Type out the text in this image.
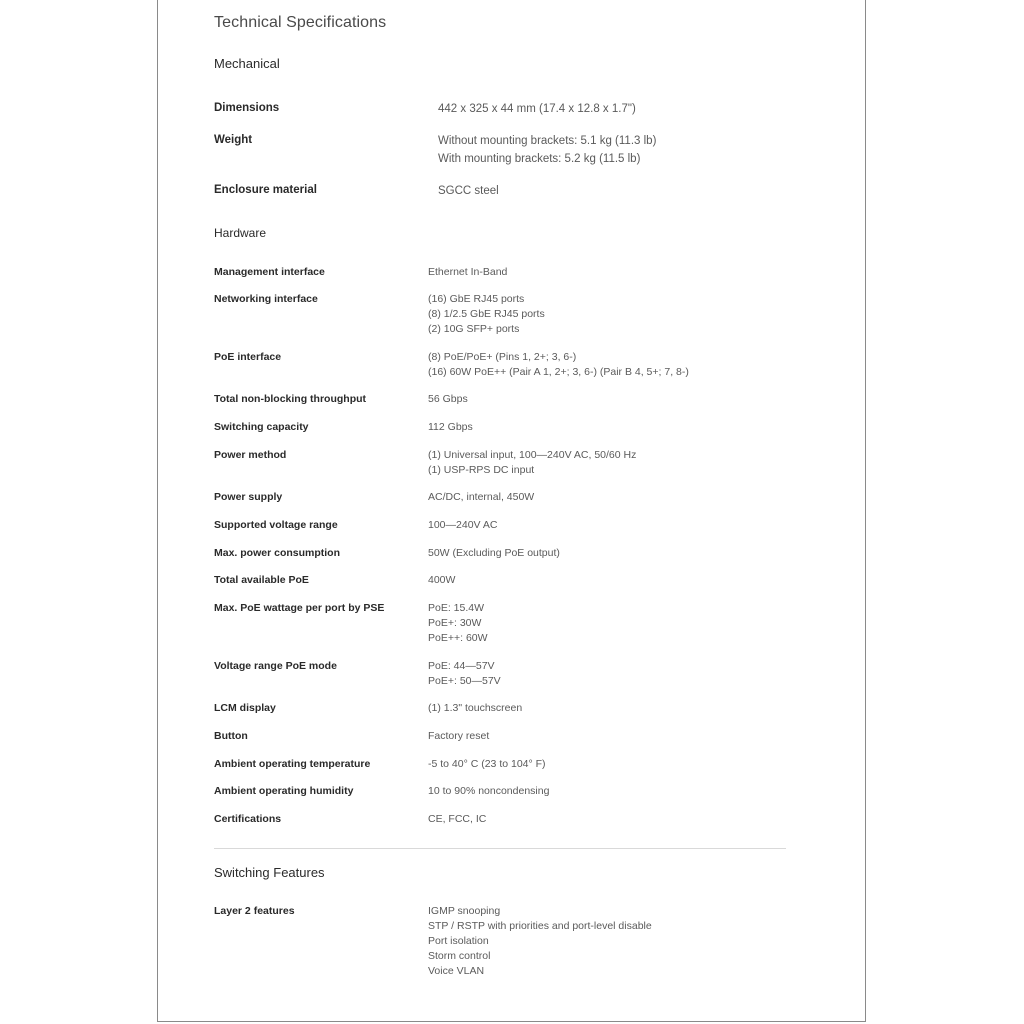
Technical Specifications
Mechanical
Dimensions	442 x 325 x 44 mm (17.4 x 12.8 x 1.7")
Weight	Without mounting brackets: 5.1 kg (11.3 lb)
With mounting brackets: 5.2 kg (11.5 lb)
Enclosure material	SGCC steel
Hardware
Management interface	Ethernet In-Band
Networking interface	(16) GbE RJ45 ports
(8) 1/2.5 GbE RJ45 ports
(2) 10G SFP+ ports
PoE interface	(8) PoE/PoE+ (Pins 1, 2+; 3, 6-)
(16) 60W PoE++ (Pair A 1, 2+; 3, 6-) (Pair B 4, 5+; 7, 8-)
Total non-blocking throughput	56 Gbps
Switching capacity	112 Gbps
Power method	(1) Universal input, 100—240V AC, 50/60 Hz
(1) USP-RPS DC input
Power supply	AC/DC, internal, 450W
Supported voltage range	100—240V AC
Max. power consumption	50W (Excluding PoE output)
Total available PoE	400W
Max. PoE wattage per port by PSE	PoE: 15.4W
PoE+: 30W
PoE++: 60W
Voltage range PoE mode	PoE: 44—57V
PoE+: 50—57V
LCM display	(1) 1.3" touchscreen
Button	Factory reset
Ambient operating temperature	-5 to 40° C (23 to 104° F)
Ambient operating humidity	10 to 90% noncondensing
Certifications	CE, FCC, IC
Switching Features
Layer 2 features	IGMP snooping
STP / RSTP with priorities and port-level disable
Port isolation
Storm control
Voice VLAN
